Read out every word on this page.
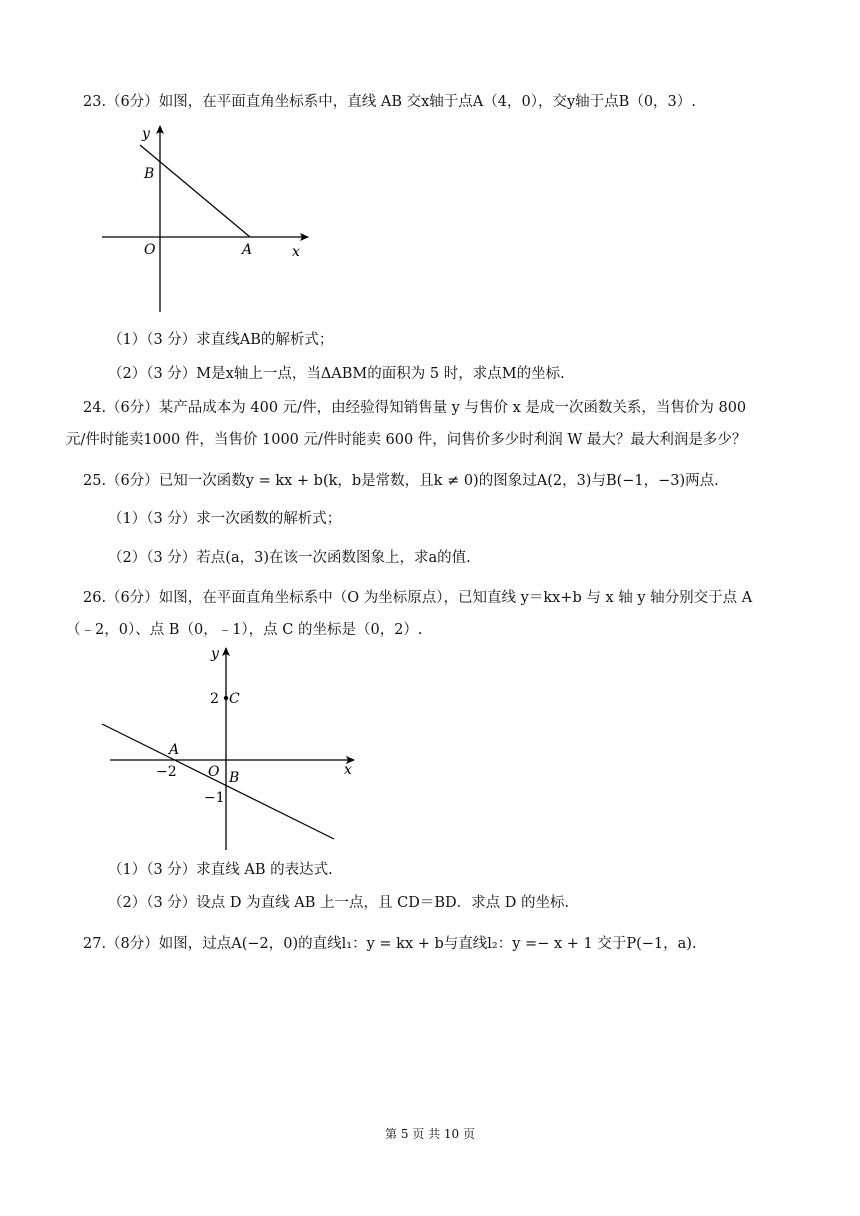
23.（6分）如图，在平面直角坐标系中，直线 AB 交x轴于点A（4，0），交y轴于点B（0，3）.
y
B
O	A	x
（1）（3 分）求直线AB的解析式；
（2）（3 分）M是x轴上一点，当ΔABM的面积为 5 时，求点M的坐标.
24.（6分）某产品成本为 400 元/件，由经验得知销售量 y 与售价 x 是成一次函数关系，当售价为 800
元/件时能卖1000 件，当售价 1000 元/件时能卖 600 件，问售价多少时利润 W 最大？最大利润是多少？
25.（6分）已知一次函数y = kx + b(k，b是常数，且k ≠ 0)的图象过A(2，3)与B(−1，−3)两点.
（1）（3 分）求一次函数的解析式；
（2）（3 分）若点(a，3)在该一次函数图象上，求a的值.
26.（6分）如图，在平面直角坐标系中（O 为坐标原点），已知直线 y＝kx+b 与 x 轴 y 轴分别交于点 A
（﹣2，0）、点 B（0，﹣1），点 C 的坐标是（0，2）.
y
2 C
A
−2 O B
−1
x
（1）（3 分）求直线 AB 的表达式.
（2）（3 分）设点 D 为直线 AB 上一点，且 CD＝BD．求点 D 的坐标.
27.（8分）如图，过点A(−2，0)的直线l₁：y = kx + b与直线l₂：y =− x + 1 交于P(−1，a).
第 5 页 共 10 页
